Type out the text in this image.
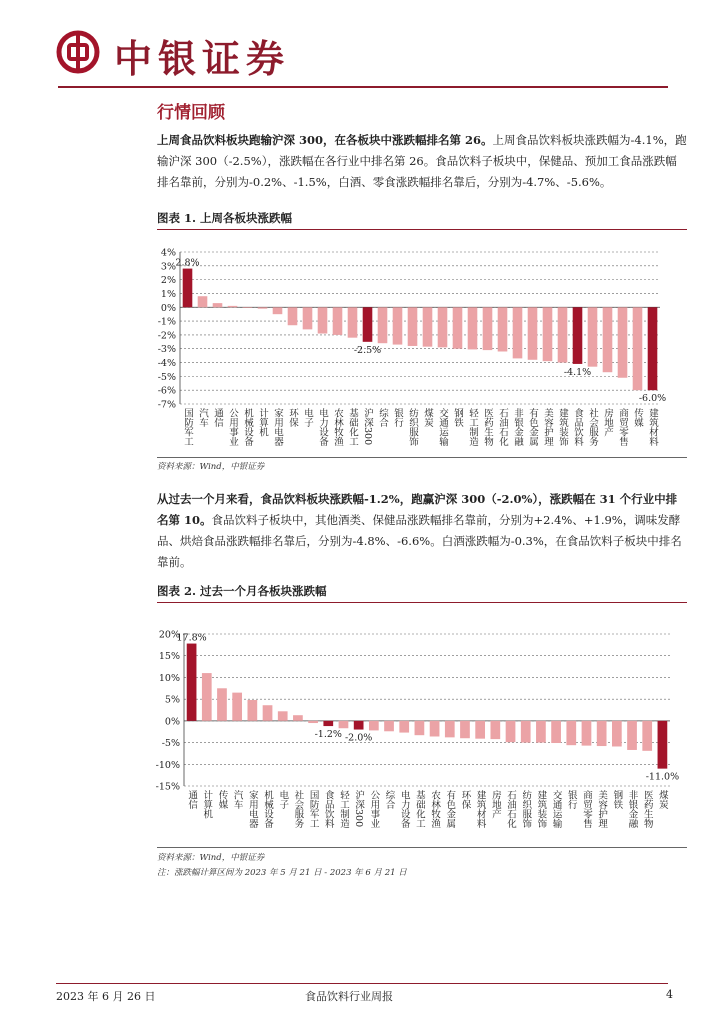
中银证券
行情回顾
上周食品饮料板块跑输沪深 300，在各板块中涨跌幅排名第 26。上周食品饮料板块涨跌幅为-4.1%，跑输沪深 300（-2.5%），涨跌幅在各行业中排名第 26。食品饮料子板块中，保健品、预加工食品涨跌幅排名靠前，分别为-0.2%、-1.5%，白酒、零食涨跌幅排名靠后，分别为-4.7%、-5.6%。
图表 1. 上周各板块涨跌幅
4%
3%
2%
1%
0%
-1%
-2%
-3%
-4%
-5%
-6%
-7%
国防军工
2.8%
汽车 通信 公用事业 机械设备 计算机 家用电器 环保 电子 电力设备 农林牧渔 基础化工 沪深300
-2.5%
综合 银行 纺织服饰 煤炭 交通运输 钢铁 轻工制造 医药生物 石油石化 非银金融 有色金属 美容护理 建筑装饰 食品饮料
-4.1%
社会服务 房地产 商贸零售 传媒 建筑材料
-6.0%
资料来源：Wind，中银证券
从过去一个月来看，食品饮料板块涨跌幅-1.2%，跑赢沪深 300（-2.0%），涨跌幅在 31 个行业中排名第 10。食品饮料子板块中，其他酒类、保健品涨跌幅排名靠前，分别为+2.4%、+1.9%，调味发酵品、烘焙食品涨跌幅排名靠后，分别为-4.8%、-6.6%。白酒涨跌幅为-0.3%，在食品饮料子板块中排名靠前。
图表 2. 过去一个月各板块涨跌幅
20%
15%
10%
5%
0%
-5%
-10%
-15%
通信
17.8%
计算机 传媒 汽车 家用电器 机械设备 电子 社会服务 国防军工 食品饮料
-1.2%
轻工制造 沪深300
-2.0%
公用事业 综合 电力设备 基础化工 农林牧渔 有色金属 环保 建筑材料 房地产 石油石化 纺织服饰 建筑装饰 交通运输 银行 商贸零售 美容护理 钢铁 非银金融 医药生物 煤炭
-11.0%
资料来源：Wind，中银证券
注：涨跌幅计算区间为 2023 年 5 月 21 日 - 2023 年 6 月 21 日
2023 年 6 月 26 日	食品饮料行业周报	4
